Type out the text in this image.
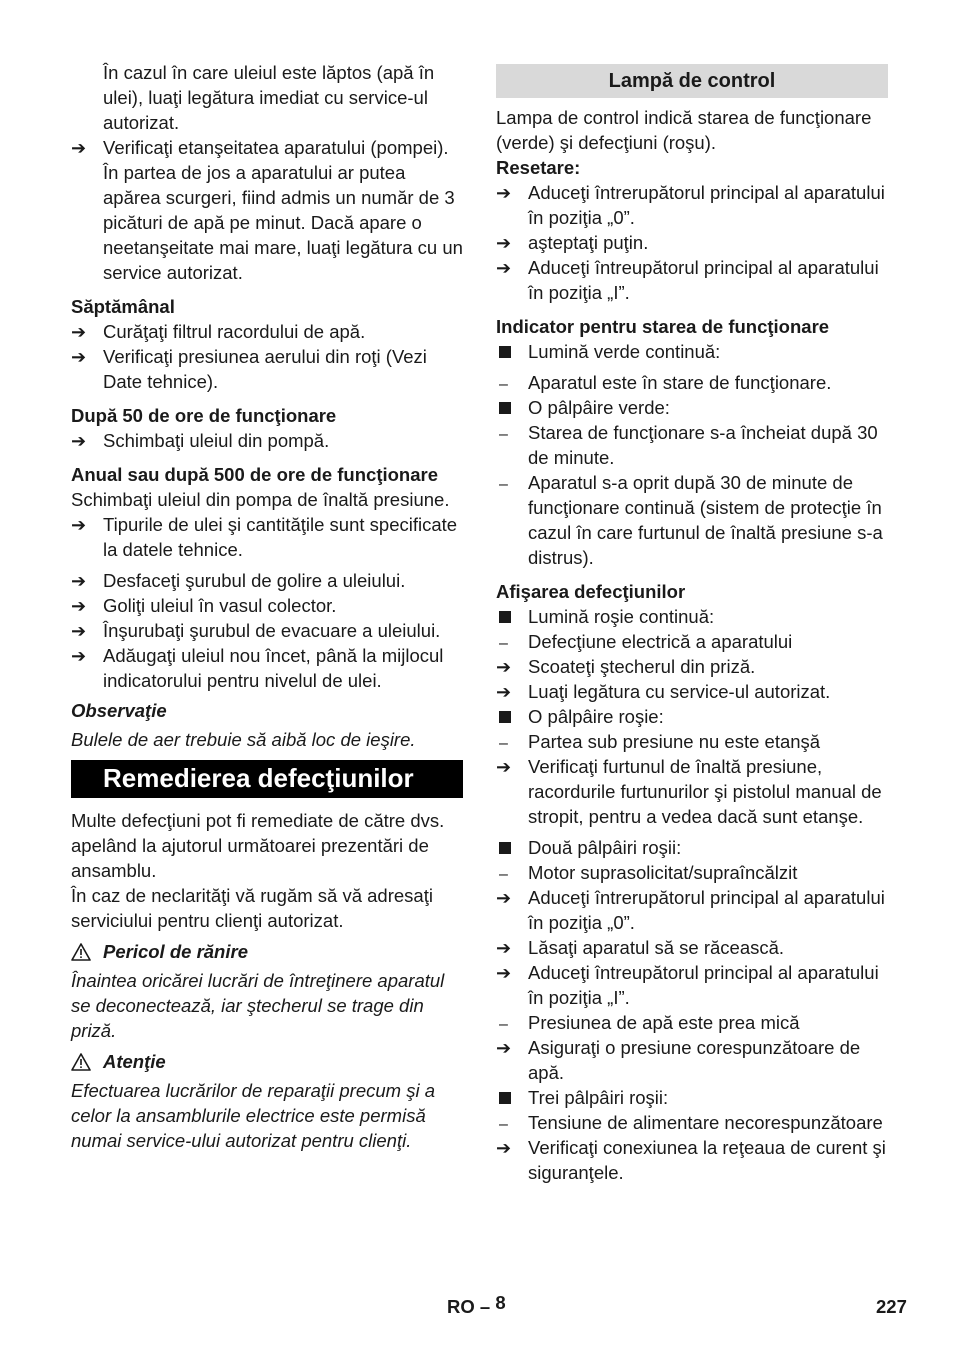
În cazul în care uleiul este lăptos (apă în ulei), luaţi legătura imediat cu service-ul autorizat.

➔ Verificaţi etanşeitatea aparatului (pompei).

În partea de jos a aparatului ar putea apărea scurgeri, fiind admis un număr de 3 picături de apă pe minut. Dacă apare o neetanşeitate mai mare, luaţi legătura cu un service autorizat.

Săptămânal

➔ Curăţaţi filtrul racordului de apă.
➔ Verificaţi presiunea aerului din roţi (Vezi Date tehnice).

După 50 de ore de funcţionare

➔ Schimbaţi uleiul din pompă.

Anual sau după 500 de ore de funcţionare

Schimbaţi uleiul din pompa de înaltă presiune.

➔ Tipurile de ulei şi cantităţile sunt specificate la datele tehnice.
➔ Desfaceţi şurubul de golire a uleiului.
➔ Goliţi uleiul în vasul colector.
➔ Înşurubaţi şurubul de evacuare a uleiului.
➔ Adăugaţi uleiul nou încet, până la mijlocul indicatorului pentru nivelul de ulei.

Observaţie

Bulele de aer trebuie să aibă loc de ieşire.

Remedierea defecţiunilor

Multe defecţiuni pot fi remediate de către dvs. apelând la ajutorul următoarei prezentări de ansamblu.

În caz de neclarităţi vă rugăm să vă adresaţi serviciului pentru clienţi autorizat.

Pericol de rănire

Înaintea oricărei lucrări de întreţinere aparatul se deconectează, iar ştecherul se trage din priză.

Atenţie

Efectuarea lucrărilor de reparaţii precum şi a celor la ansamblurile electrice este permisă numai service-ului autorizat pentru clienţi.

Lampă de control

Lampa de control indică starea de funcţionare (verde) şi defecţiuni (roşu).

Resetare:

➔ Aduceţi întrerupătorul principal al aparatului în poziţia „0”.
➔ aşteptaţi puţin.
➔ Aduceţi întreupătorul principal al aparatului în poziţia „I”.

Indicator pentru starea de funcţionare

Lumină verde continuă:
–	Aparatul este în stare de funcţionare.
O pâlpâire verde:
–	Starea de funcţionare s-a încheiat după 30 de minute.
–	Aparatul s-a oprit după 30 de minute de funcţionare continuă (sistem de protecţie în cazul în care furtunul de înaltă presiune s-a distrus).

Afişarea defecţiunilor

Lumină roşie continuă:
–	Defecţiune electrică a aparatului
➔ Scoateţi ştecherul din priză.
➔ Luaţi legătura cu service-ul autorizat.
O pâlpâire roşie:
–	Partea sub presiune nu este etanşă
➔ Verificaţi furtunul de înaltă presiune, racordurile furtunurilor şi pistolul manual de stropit, pentru a vedea dacă sunt etanşe.
Două pâlpâiri roşii:
–	Motor suprasolicitat/supraîncălzit
➔ Aduceţi întrerupătorul principal al aparatului în poziţia „0”.
➔ Lăsaţi aparatul să se răcească.
➔ Aduceţi întreupătorul principal al aparatului în poziţia „I”.
–	Presiunea de apă este prea mică
➔ Asiguraţi o presiune corespunzătoare de apă.
Trei pâlpâiri roşii:
–	Tensiune de alimentare necorespunzătoare
➔ Verificaţi conexiunea la reţeaua de curent şi siguranţele.
RO – 8	227
